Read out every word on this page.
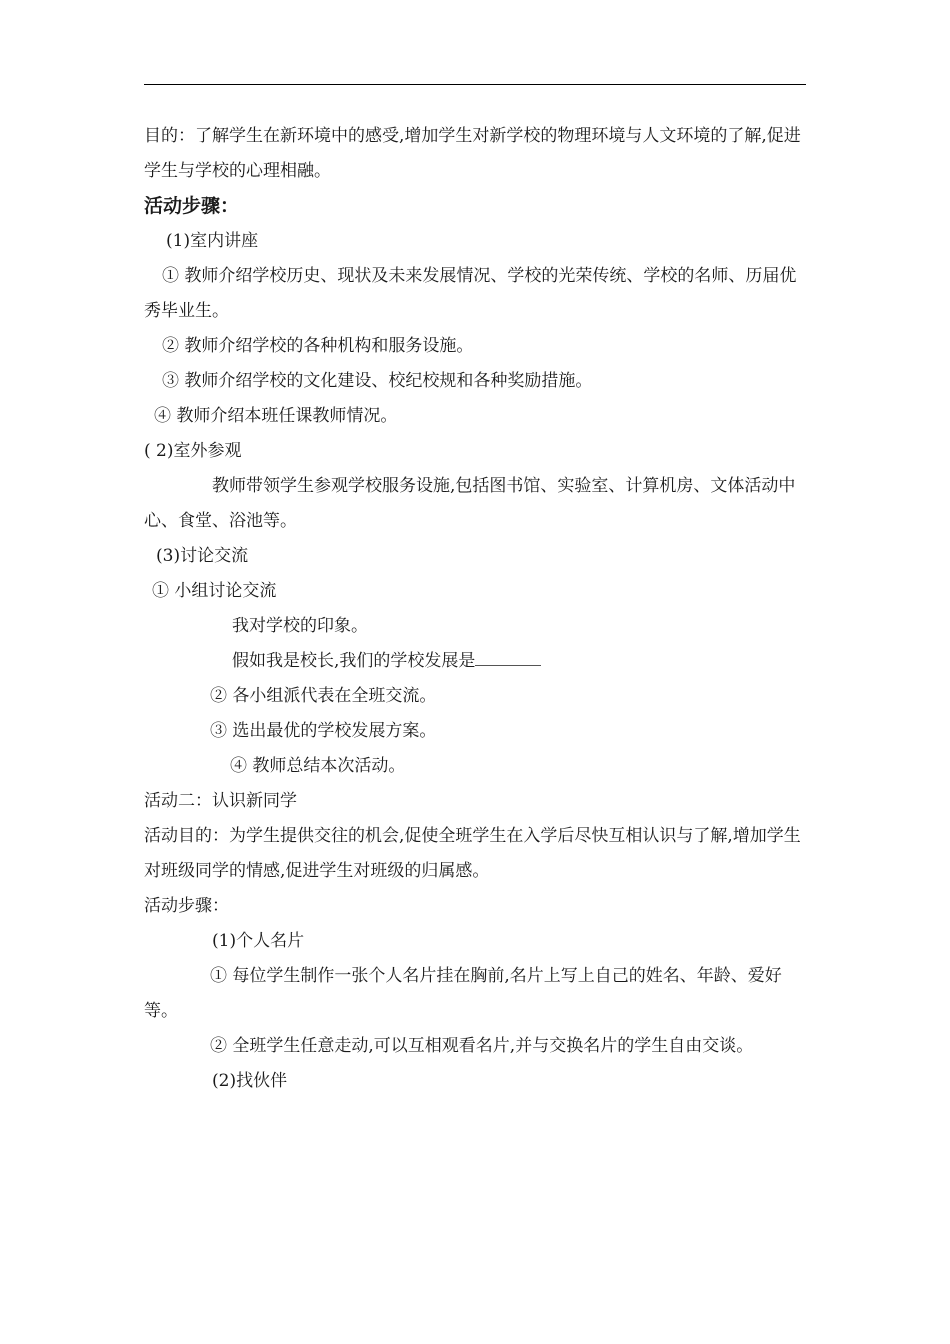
目的：了解学生在新环境中的感受,增加学生对新学校的物理环境与人文环境的了解,促进学生与学校的心理相融。

活动步骤：

(1)室内讲座

① 教师介绍学校历史、现状及未来发展情况、学校的光荣传统、学校的名师、历届优秀毕业生。

② 教师介绍学校的各种机构和服务设施。

③ 教师介绍学校的文化建设、校纪校规和各种奖励措施。

④ 教师介绍本班任课教师情况。

( 2)室外参观

教师带领学生参观学校服务设施,包括图书馆、实验室、计算机房、文体活动中心、食堂、浴池等。

(3)讨论交流

① 小组讨论交流

我对学校的印象。

假如我是校长,我们的学校发展是

② 各小组派代表在全班交流。

③ 选出最优的学校发展方案。

④ 教师总结本次活动。

活动二：认识新同学

活动目的：为学生提供交往的机会,促使全班学生在入学后尽快互相认识与了解,增加学生对班级同学的情感,促进学生对班级的归属感。

活动步骤：

(1)个人名片

① 每位学生制作一张个人名片挂在胸前,名片上写上自己的姓名、年龄、爱好等。

② 全班学生任意走动,可以互相观看名片,并与交换名片的学生自由交谈。

(2)找伙伴
